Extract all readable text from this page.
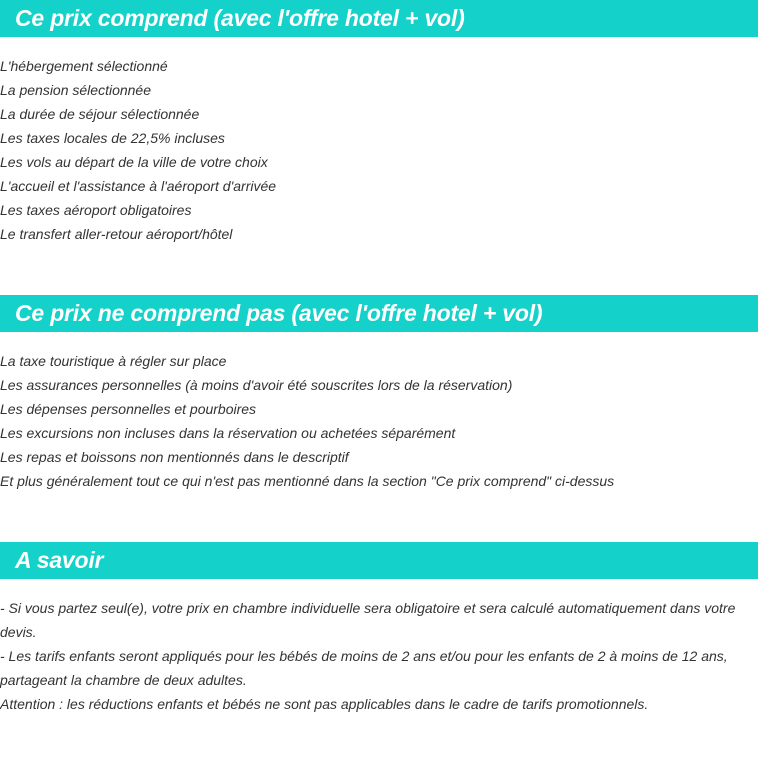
Ce prix comprend (avec l'offre hotel + vol)
L'hébergement sélectionné
La pension sélectionnée
La durée de séjour sélectionnée
Les taxes locales de 22,5% incluses
Les vols au départ de la ville de votre choix
L'accueil et l'assistance à l'aéroport d'arrivée
Les taxes aéroport obligatoires
Le transfert aller-retour aéroport/hôtel
Ce prix ne comprend pas (avec l'offre hotel + vol)
La taxe touristique à régler sur place
Les assurances personnelles (à moins d'avoir été souscrites lors de la réservation)
Les dépenses personnelles et pourboires
Les excursions non incluses dans la réservation ou achetées séparément
Les repas et boissons non mentionnés dans le descriptif
Et plus généralement tout ce qui n'est pas mentionné dans la section "Ce prix comprend" ci-dessus
A savoir

- Si vous partez seul(e), votre prix en chambre individuelle sera obligatoire et sera calculé automatiquement dans votre devis.

- Les tarifs enfants seront appliqués pour les bébés de moins de 2 ans et/ou pour les enfants de 2 à moins de 12 ans, partageant la chambre de deux adultes.

Attention : les réductions enfants et bébés ne sont pas applicables dans le cadre de tarifs promotionnels.
